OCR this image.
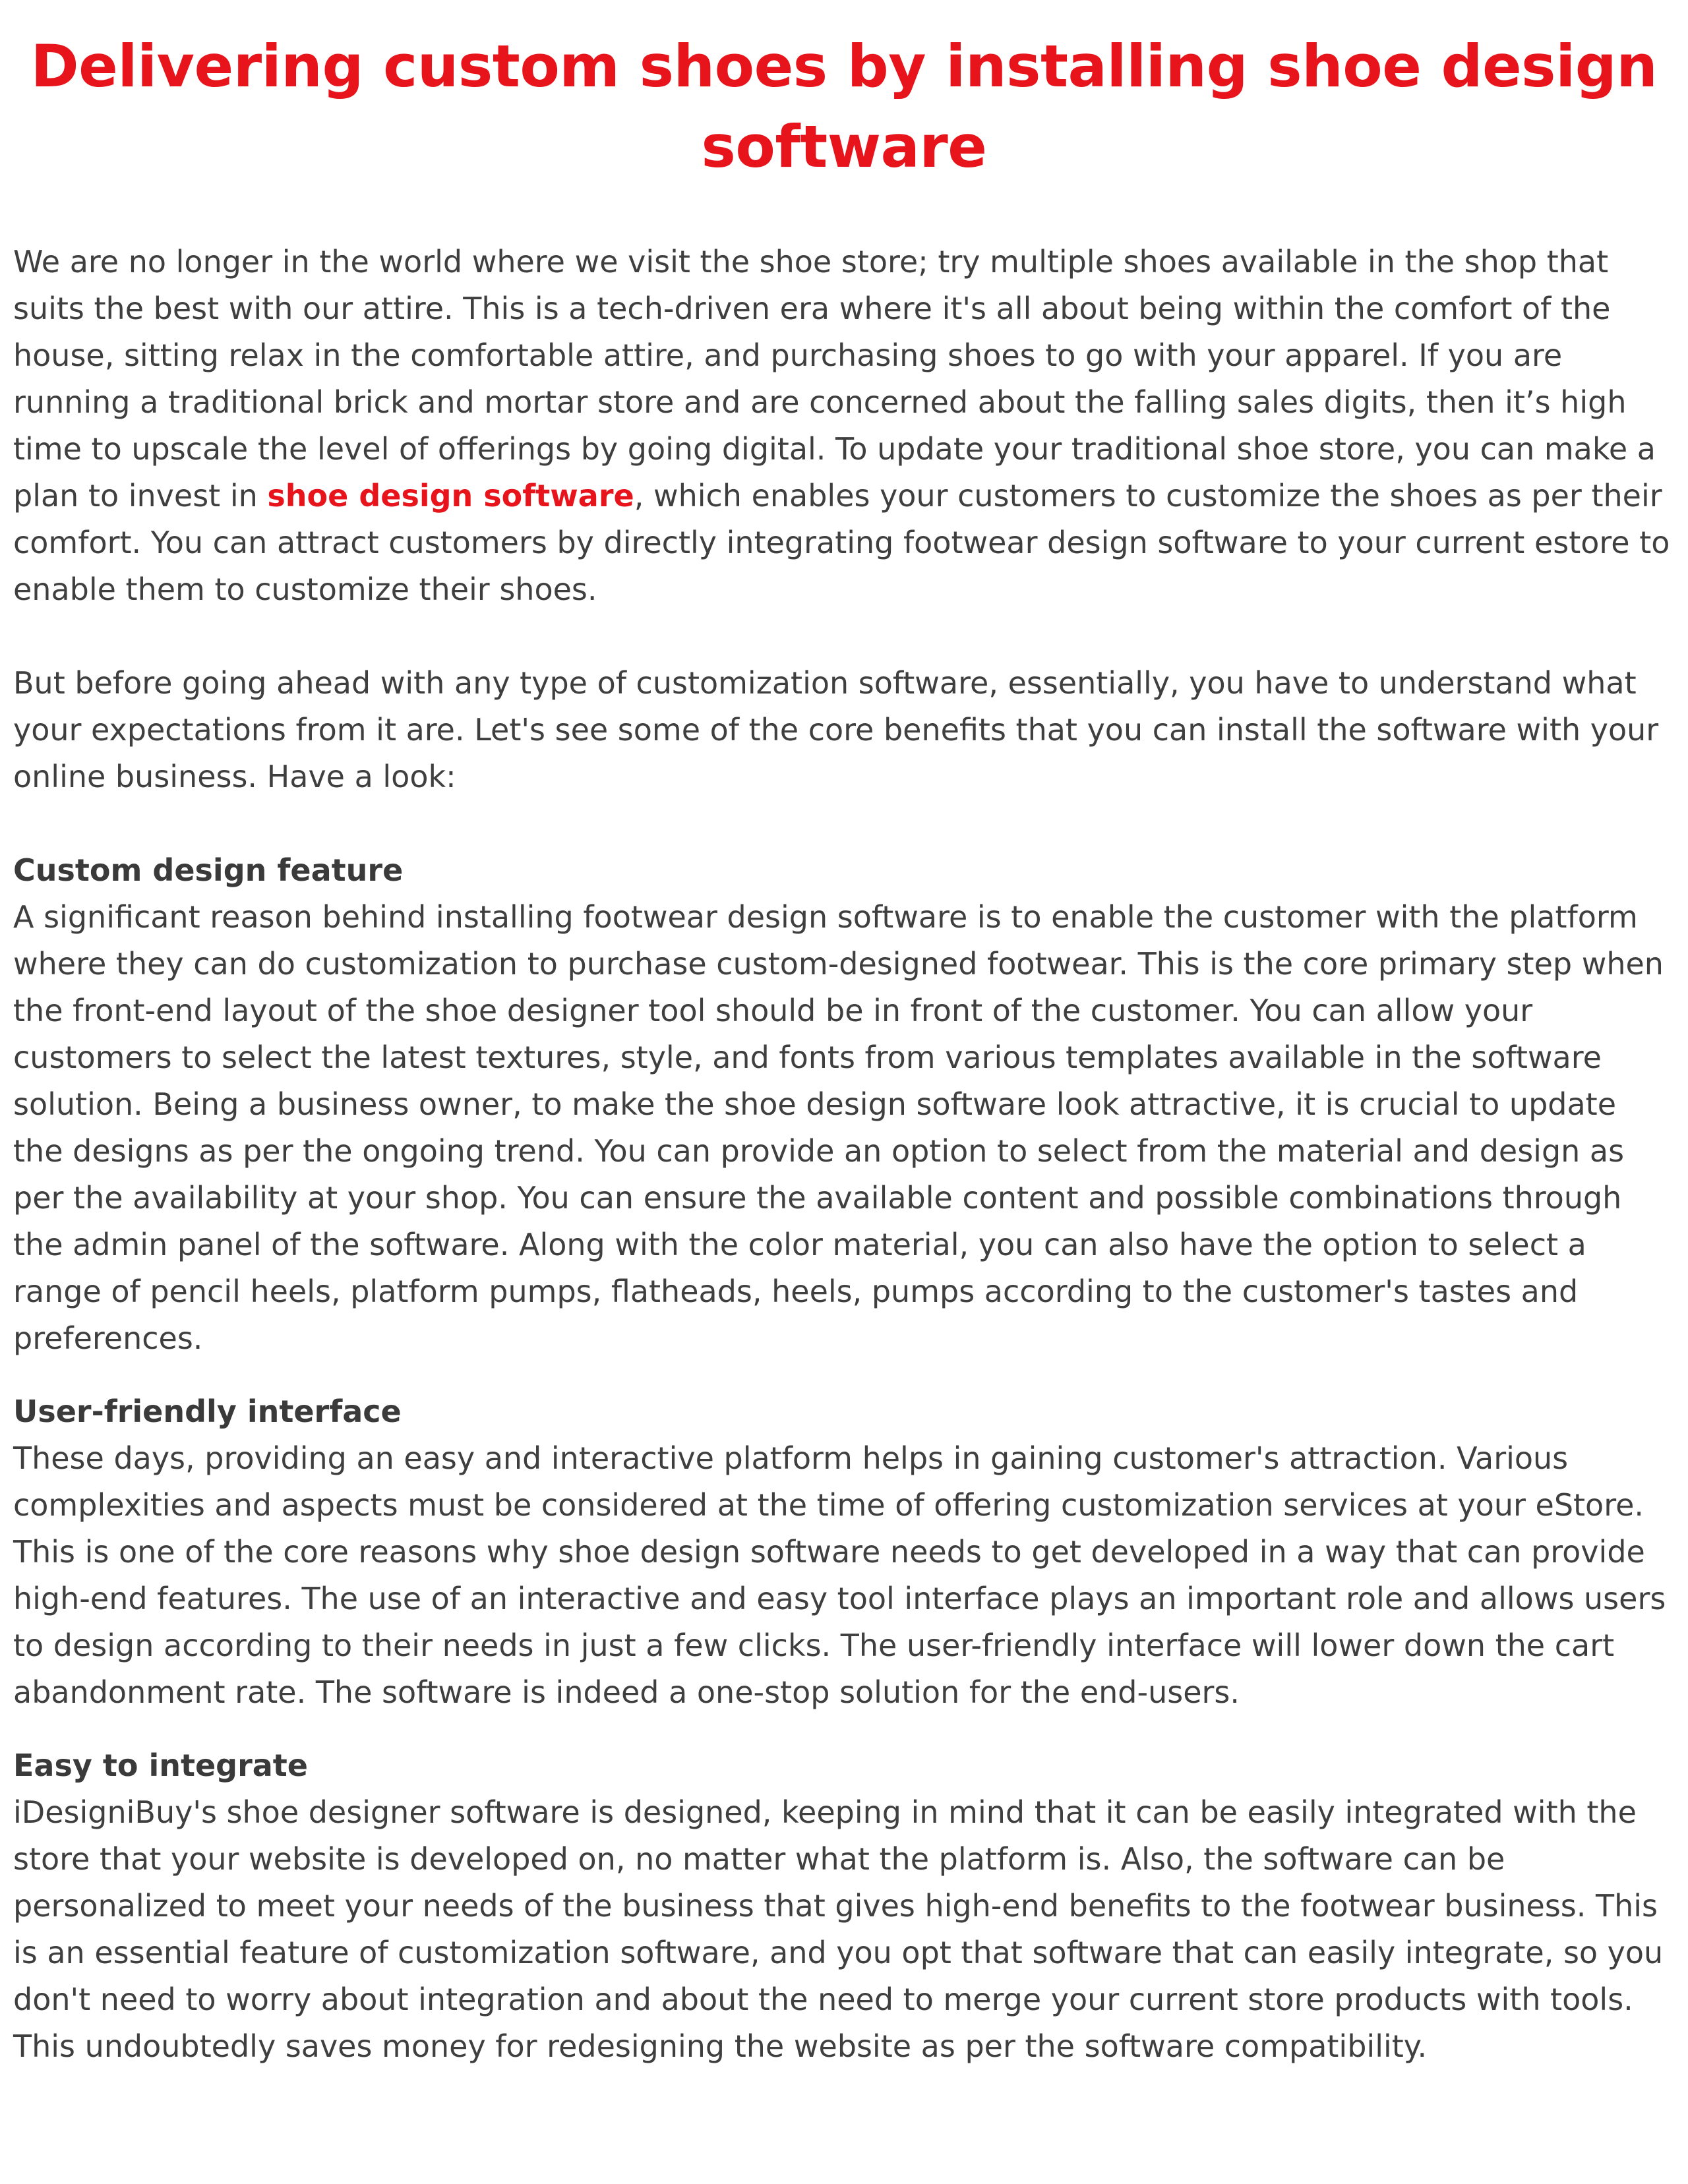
Delivering custom shoes by installing shoe design software

We are no longer in the world where we visit the shoe store; try multiple shoes available in the shop that suits the best with our attire. This is a tech-driven era where it's all about being within the comfort of the house, sitting relax in the comfortable attire, and purchasing shoes to go with your apparel. If you are running a traditional brick and mortar store and are concerned about the falling sales digits, then it’s high time to upscale the level of offerings by going digital. To update your traditional shoe store, you can make a plan to invest in shoe design software, which enables your customers to customize the shoes as per their comfort. You can attract customers by directly integrating footwear design software to your current estore to enable them to customize their shoes.

But before going ahead with any type of customization software, essentially, you have to understand what your expectations from it are. Let's see some of the core benefits that you can install the software with your online business. Have a look:

Custom design feature

A significant reason behind installing footwear design software is to enable the customer with the platform where they can do customization to purchase custom-designed footwear. This is the core primary step when the front-end layout of the shoe designer tool should be in front of the customer. You can allow your customers to select the latest textures, style, and fonts from various templates available in the software solution. Being a business owner, to make the shoe design software look attractive, it is crucial to update the designs as per the ongoing trend. You can provide an option to select from the material and design as per the availability at your shop. You can ensure the available content and possible combinations through the admin panel of the software. Along with the color material, you can also have the option to select a range of pencil heels, platform pumps, flatheads, heels, pumps according to the customer's tastes and preferences.

User-friendly interface

These days, providing an easy and interactive platform helps in gaining customer's attraction. Various complexities and aspects must be considered at the time of offering customization services at your eStore. This is one of the core reasons why shoe design software needs to get developed in a way that can provide high-end features. The use of an interactive and easy tool interface plays an important role and allows users to design according to their needs in just a few clicks. The user-friendly interface will lower down the cart abandonment rate. The software is indeed a one-stop solution for the end-users.

Easy to integrate

iDesigniBuy's shoe designer software is designed, keeping in mind that it can be easily integrated with the store that your website is developed on, no matter what the platform is. Also, the software can be personalized to meet your needs of the business that gives high-end benefits to the footwear business. This is an essential feature of customization software, and you opt that software that can easily integrate, so you don't need to worry about integration and about the need to merge your current store products with tools. This undoubtedly saves money for redesigning the website as per the software compatibility.
